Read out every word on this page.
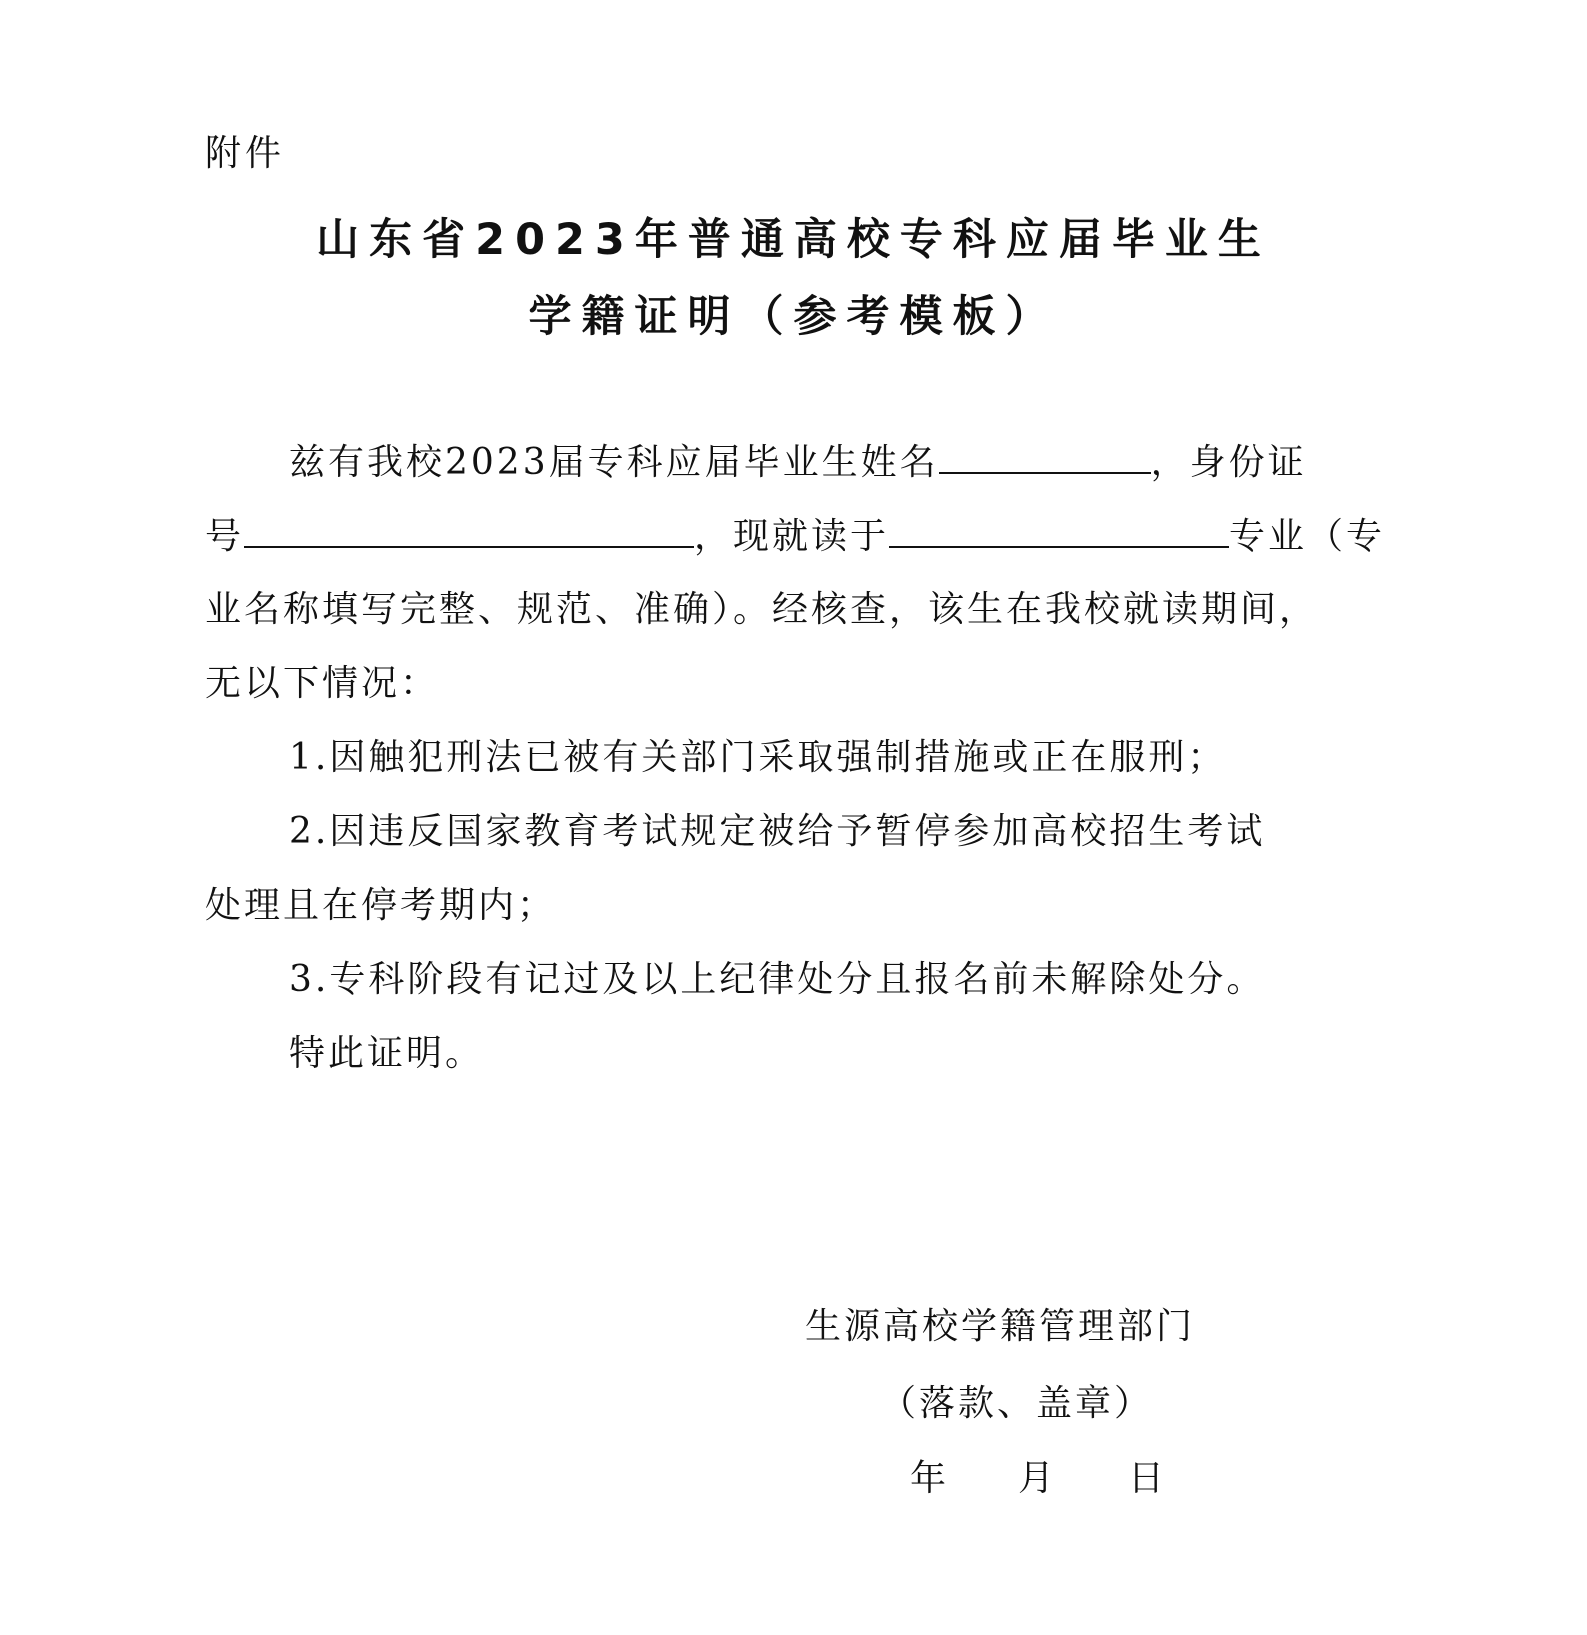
附件
山东省2023年普通高校专科应届毕业生
学籍证明（参考模板）
兹有我校2023届专科应届毕业生姓名	，身份证
号	，现就读于	专业（专
业名称填写完整、规范、准确）。经核查，该生在我校就读期间，
无以下情况：
1.因触犯刑法已被有关部门采取强制措施或正在服刑；
2.因违反国家教育考试规定被给予暂停参加高校招生考试
处理且在停考期内；
3.专科阶段有记过及以上纪律处分且报名前未解除处分。
特此证明。
生源高校学籍管理部门
（落款、盖章）
年 月 日
